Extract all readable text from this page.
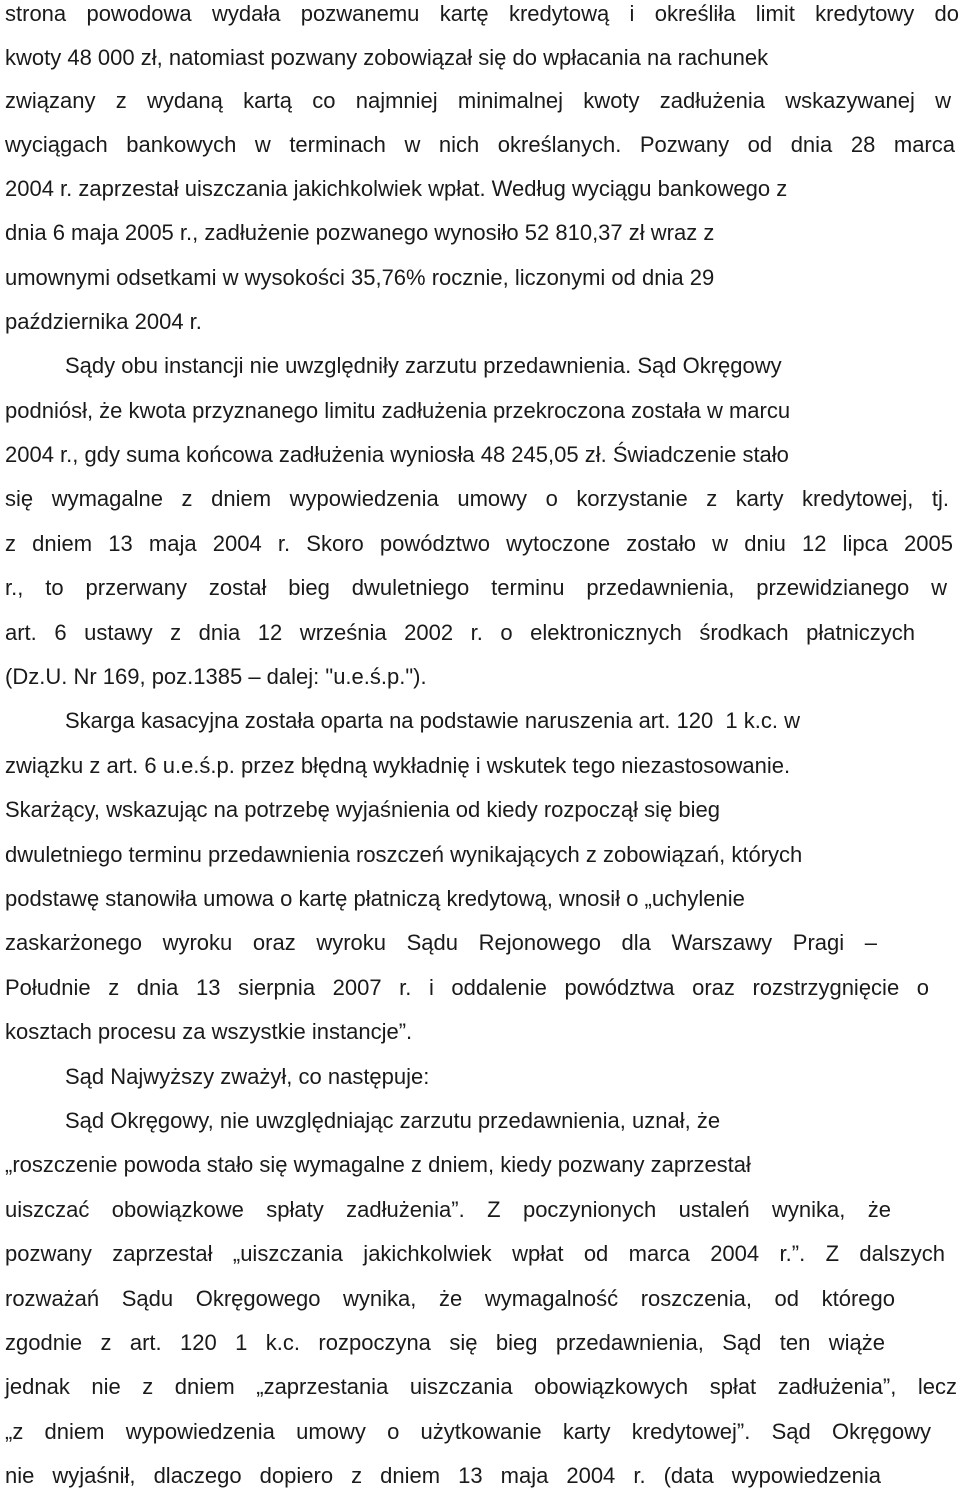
strona powodowa wydała pozwanemu kartę kredytową i określiła limit kredytowy do
kwoty 48 000 zł, natomiast pozwany zobowiązał się do wpłacania na rachunek
związany z wydaną kartą co najmniej minimalnej kwoty zadłużenia wskazywanej w
wyciągach bankowych w terminach w nich określanych. Pozwany od dnia 28 marca
2004 r. zaprzestał uiszczania jakichkolwiek wpłat. Według wyciągu bankowego z
dnia 6 maja 2005 r., zadłużenie pozwanego wynosiło 52 810,37 zł wraz z
umownymi odsetkami w wysokości 35,76% rocznie, liczonymi od dnia 29
października 2004 r.
Sądy obu instancji nie uwzględniły zarzutu przedawnienia. Sąd Okręgowy
podniósł, że kwota przyznanego limitu zadłużenia przekroczona została w marcu
2004 r., gdy suma końcowa zadłużenia wyniosła 48 245,05 zł. Świadczenie stało
się wymagalne z dniem wypowiedzenia umowy o korzystanie z karty kredytowej, tj.
z dniem 13 maja 2004 r. Skoro powództwo wytoczone zostało w dniu 12 lipca 2005
r., to przerwany został bieg dwuletniego terminu przedawnienia, przewidzianego w
art. 6 ustawy z dnia 12 września 2002 r. o elektronicznych środkach płatniczych
(Dz.U. Nr 169, poz.1385 – dalej: "u.e.ś.p.").
Skarga kasacyjna została oparta na podstawie naruszenia art. 120  1 k.c. w
związku z art. 6 u.e.ś.p. przez błędną wykładnię i wskutek tego niezastosowanie.
Skarżący, wskazując na potrzebę wyjaśnienia od kiedy rozpoczął się bieg
dwuletniego terminu przedawnienia roszczeń wynikających z zobowiązań, których
podstawę stanowiła umowa o kartę płatniczą kredytową, wnosił o „uchylenie
zaskarżonego wyroku oraz wyroku Sądu Rejonowego dla Warszawy Pragi –
Południe z dnia 13 sierpnia 2007 r. i oddalenie powództwa oraz rozstrzygnięcie o
kosztach procesu za wszystkie instancje”.
Sąd Najwyższy zważył, co następuje:
Sąd Okręgowy, nie uwzględniając zarzutu przedawnienia, uznał, że
„roszczenie powoda stało się wymagalne z dniem, kiedy pozwany zaprzestał
uiszczać obowiązkowe spłaty zadłużenia”. Z poczynionych ustaleń wynika, że
pozwany zaprzestał „uiszczania jakichkolwiek wpłat od marca 2004 r.”. Z dalszych
rozważań Sądu Okręgowego wynika, że wymagalność roszczenia, od którego
zgodnie z art. 120 1 k.c. rozpoczyna się bieg przedawnienia, Sąd ten wiąże
jednak nie z dniem „zaprzestania uiszczania obowiązkowych spłat zadłużenia”, lecz
„z dniem wypowiedzenia umowy o użytkowanie karty kredytowej”. Sąd Okręgowy
nie wyjaśnił, dlaczego dopiero z dniem 13 maja 2004 r. (data wypowiedzenia
